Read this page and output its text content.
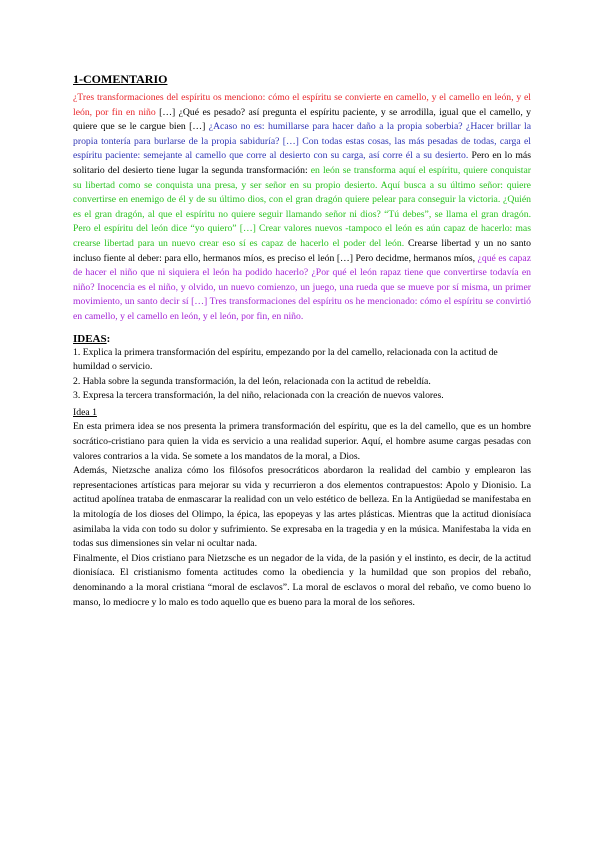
1-COMENTARIO

¿Tres transformaciones del espíritu os menciono: cómo el espíritu se convierte en camello, y el camello en león, y el león, por fin en niño […] ¿Qué es pesado? así pregunta el espíritu paciente, y se arrodilla, igual que el camello, y quiere que se le cargue bien […] ¿Acaso no es: humillarse para hacer daño a la propia soberbia? ¿Hacer brillar la propia tontería para burlarse de la propia sabiduría? […] Con todas estas cosas, las más pesadas de todas, carga el espíritu paciente: semejante al camello que corre al desierto con su carga, así corre él a su desierto. Pero en lo más solitario del desierto tiene lugar la segunda transformación: en león se transforma aquí el espíritu, quiere conquistar su libertad como se conquista una presa, y ser señor en su propio desierto. Aquí busca a su último señor: quiere convertirse en enemigo de él y de su último dios, con el gran dragón quiere pelear para conseguir la victoria. ¿Quién es el gran dragón, al que el espíritu no quiere seguir llamando señor ni dios? “Tú debes”, se llama el gran dragón. Pero el espíritu del león dice “yo quiero” […] Crear valores nuevos -tampoco el león es aún capaz de hacerlo: mas crearse libertad para un nuevo crear eso sí es capaz de hacerlo el poder del león. Crearse libertad y un no santo incluso fiente al deber: para ello, hermanos míos, es preciso el león […] Pero decidme, hermanos míos, ¿qué es capaz de hacer el niño que ni siquiera el león ha podido hacerlo? ¿Por qué el león rapaz tiene que convertirse todavía en niño? Inocencia es el niño, y olvido, un nuevo comienzo, un juego, una rueda que se mueve por sí misma, un primer movimiento, un santo decir sí […] Tres transformaciones del espíritu os he mencionado: cómo el espíritu se convirtió en camello, y el camello en león, y el león, por fin, en niño.

IDEAS:
1. Explica la primera transformación del espíritu, empezando por la del camello, relacionada con la actitud de humildad o servicio.
2. Habla sobre la segunda transformación, la del león, relacionada con la actitud de rebeldía.
3. Expresa la tercera transformación, la del niño, relacionada con la creación de nuevos valores.
Idea 1

En esta primera idea se nos presenta la primera transformación del espíritu, que es la del camello, que es un hombre socrático-cristiano para quien la vida es servicio a una realidad superior. Aquí, el hombre asume cargas pesadas con valores contrarios a la vida. Se somete a los mandatos de la moral, a Dios.

Además, Nietzsche analiza cómo los filósofos presocráticos abordaron la realidad del cambio y emplearon las representaciones artísticas para mejorar su vida y recurrieron a dos elementos contrapuestos: Apolo y Dionisio. La actitud apolínea trataba de enmascarar la realidad con un velo estético de belleza. En la Antigüedad se manifestaba en la mitología de los dioses del Olimpo, la épica, las epopeyas y las artes plásticas. Mientras que la actitud dionisíaca asimilaba la vida con todo su dolor y sufrimiento. Se expresaba en la tragedia y en la música. Manifestaba la vida en todas sus dimensiones sin velar ni ocultar nada.

Finalmente, el Dios cristiano para Nietzsche es un negador de la vida, de la pasión y el instinto, es decir, de la actitud dionisíaca. El cristianismo fomenta actitudes como la obediencia y la humildad que son propios del rebaño, denominando a la moral cristiana “moral de esclavos”. La moral de esclavos o moral del rebaño, ve como bueno lo manso, lo mediocre y lo malo es todo aquello que es bueno para la moral de los señores.
